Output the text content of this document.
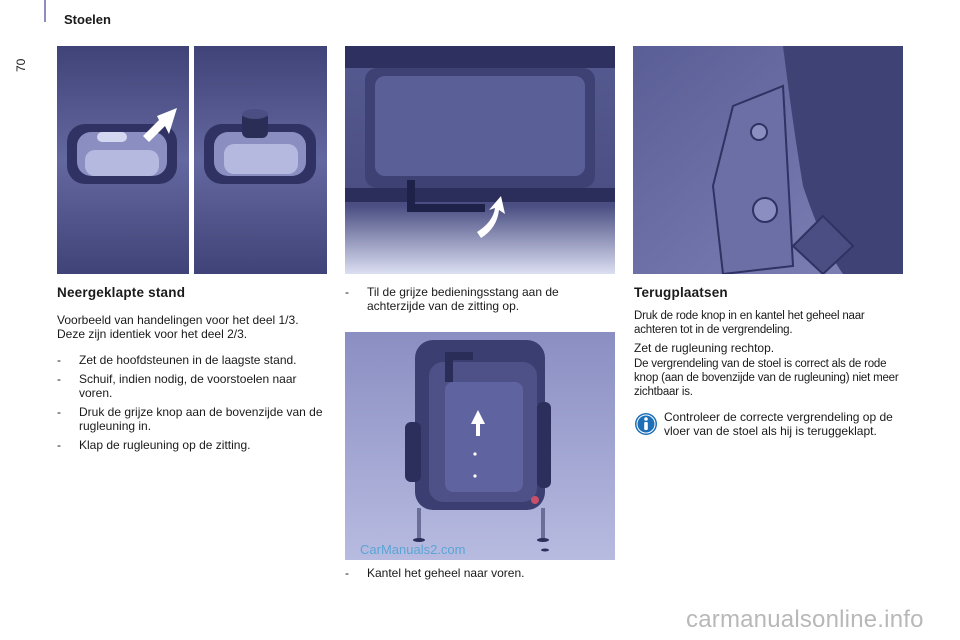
Stoelen
70
Neergeklapte stand
Voorbeeld van handelingen voor het deel 1/3. Deze zijn identiek voor het deel 2/3.
- Zet de hoofdsteunen in de laagste stand.
- Schuif, indien nodig, de voorstoelen naar voren.
- Druk de grijze knop aan de bovenzijde van de rugleuning in.
- Klap de rugleuning op de zitting.
- Til de grijze bedieningsstang aan de achterzijde van de zitting op.
- Kantel het geheel naar voren.
Terugplaatsen
Druk de rode knop in en kantel het geheel naar achteren tot in de vergrendeling.
Zet de rugleuning rechtop.
De vergrendeling van de stoel is correct als de rode knop (aan de bovenzijde van de rugleuning) niet meer zichtbaar is.
Controleer de correcte vergrendeling op de vloer van de stoel als hij is teruggeklapt.
CarManuals2.com
carmanualsonline.info
